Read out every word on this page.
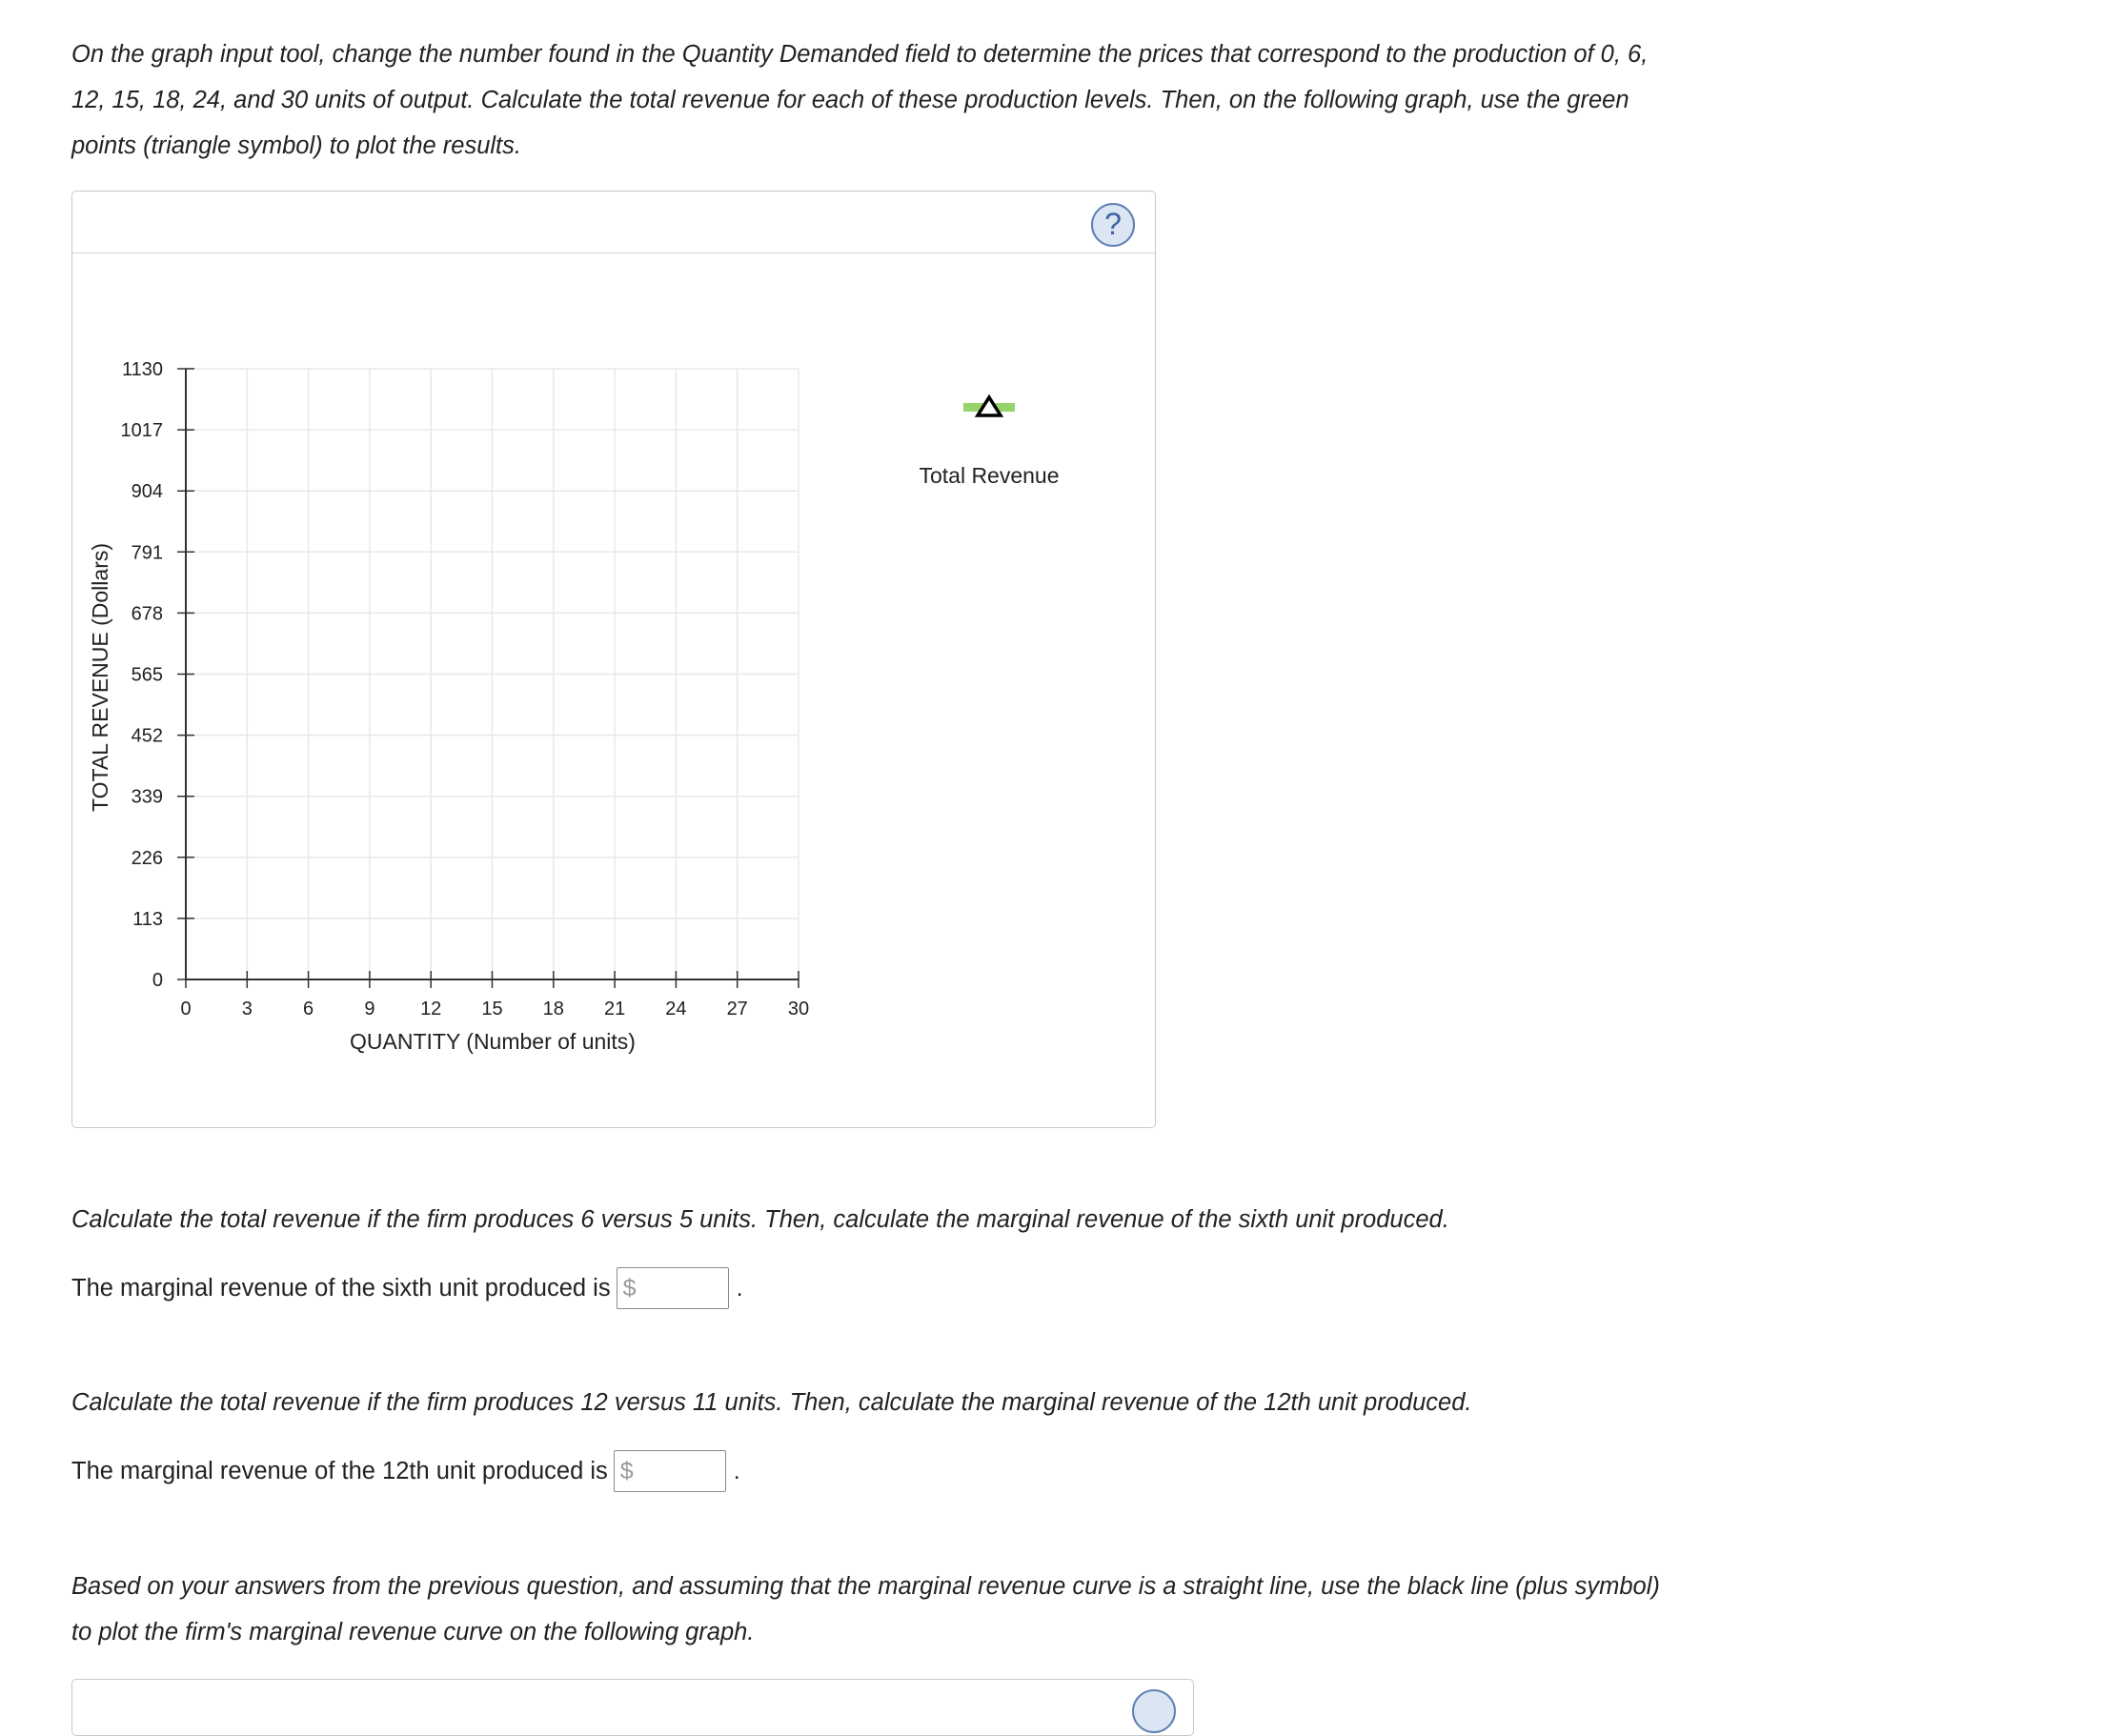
On the graph input tool, change the number found in the Quantity Demanded field to determine the prices that correspond to the production of 0, 6,

12, 15, 18, 24, and 30 units of output. Calculate the total revenue for each of these production levels. Then, on the following graph, use the green

points (triangle symbol) to plot the results.

?
0	3	6	9 12 15 18 21 24 27 30
0
113
226
339
452
565
678
791
904
1017
1130
QUANTITY (Number of units)
TOTAL REVENUE (Dollars)
Total Revenue

Calculate the total revenue if the firm produces 6 versus 5 units. Then, calculate the marginal revenue of the sixth unit produced.

The marginal revenue of the sixth unit produced is $	.

Calculate the total revenue if the firm produces 12 versus 11 units. Then, calculate the marginal revenue of the 12th unit produced.

The marginal revenue of the 12th unit produced is $	.

Based on your answers from the previous question, and assuming that the marginal revenue curve is a straight line, use the black line (plus symbol)

to plot the firm's marginal revenue curve on the following graph.
